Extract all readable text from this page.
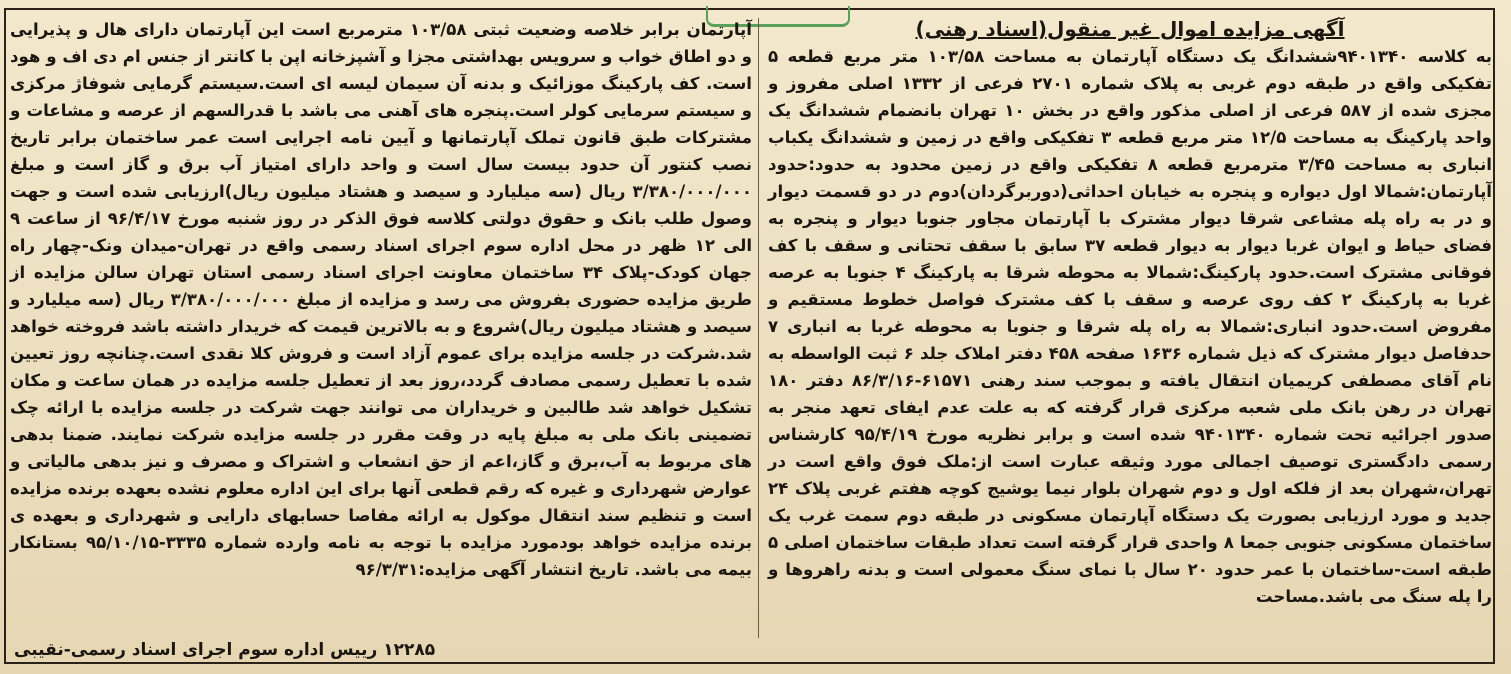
آگهی مزایده اموال غیر منقول(اسناد رهنی)

به کلاسه ۹۴۰۱۳۴۰ششدانگ یک دستگاه آپارتمان به مساحت ۱۰۳/۵۸ متر مربع قطعه ۵ تفکیکی واقع در طبقه دوم غربی به پلاک شماره ۲۷۰۱ فرعی از ۱۳۳۲ اصلی مفروز و مجزی شده از ۵۸۷ فرعی از اصلی مذکور واقع در بخش ۱۰ تهران بانضمام ششدانگ یک واحد پارکینگ به مساحت ۱۲/۵ متر مربع قطعه ۳ تفکیکی واقع در زمین و ششدانگ یکباب انباری به مساحت ۳/۴۵ مترمربع قطعه ۸ تفکیکی واقع در زمین محدود به حدود:حدود آپارتمان:شمالا اول دیواره و پنجره به خیابان احداثی(دوربرگردان)دوم در دو قسمت دیوار و در به راه پله مشاعی شرقا دیوار مشترک با آپارتمان مجاور جنوبا دیوار و پنجره به فضای حیاط و ایوان غربا دیوار به دیوار قطعه ۳۷ سابق با سقف تحتانی و سقف با کف فوقانی مشترک است.حدود پارکینگ:شمالا به محوطه شرقا به پارکینگ ۴ جنوبا به عرصه غربا به پارکینگ ۲ کف روی عرصه و سقف با کف مشترک فواصل خطوط مستقیم و مفروض است.حدود انباری:شمالا به راه پله شرقا و جنوبا به محوطه غربا به انباری ۷ حدفاصل دیوار مشترک که ذیل شماره ۱۶۳۶ صفحه ۴۵۸ دفتر املاک جلد ۶ ثبت الواسطه به نام آقای مصطفی کریمیان انتقال یافته و بموجب سند رهنی ۶۱۵۷۱-۸۶/۳/۱۶ دفتر ۱۸۰ تهران در رهن بانک ملی شعبه مرکزی قرار گرفته که به علت عدم ایفای تعهد منجر به صدور اجرائیه تحت شماره ۹۴۰۱۳۴۰ شده است و برابر نظریه مورخ ۹۵/۴/۱۹ کارشناس رسمی دادگستری توصیف اجمالی مورد وثیقه عبارت است از:ملک فوق واقع است در تهران،شهران بعد از فلکه اول و دوم شهران بلوار نیما یوشیج کوچه هفتم غربی پلاک ۲۴ جدید و مورد ارزیابی بصورت یک دستگاه آپارتمان مسکونی در طبقه دوم سمت غرب یک ساختمان مسکونی جنوبی جمعا ۸ واحدی قرار گرفته است تعداد طبقات ساختمان اصلی ۵ طبقه است-ساختمان با عمر حدود ۲۰ سال با نمای سنگ معمولی است و بدنه راهروها و را پله سنگ می باشد.مساحت

آپارتمان برابر خلاصه وضعیت ثبتی ۱۰۳/۵۸ مترمربع است این آپارتمان دارای هال و پذیرایی و دو اطاق خواب و سرویس بهداشتی مجزا و آشپزخانه اپن با کانتر از جنس ام دی اف و هود است. کف پارکینگ موزائیک و بدنه آن سیمان لیسه ای است.سیستم گرمایی شوفاژ مرکزی و سیستم سرمایی کولر است.پنجره های آهنی می باشد با قدرالسهم از عرصه و مشاعات و مشترکات طبق قانون تملک آپارتمانها و آیین نامه اجرایی است عمر ساختمان برابر تاریخ نصب کنتور آن حدود بیست سال است و واحد دارای امتیاز آب برق و گاز است و مبلغ ۳/۳۸۰/۰۰۰/۰۰۰ ریال (سه میلیارد و سیصد و هشتاد میلیون ریال)ارزیابی شده است و جهت وصول طلب بانک و حقوق دولتی کلاسه فوق الذکر در روز شنبه مورخ ۹۶/۴/۱۷ از ساعت ۹ الی ۱۲ ظهر در محل اداره سوم اجرای اسناد رسمی واقع در تهران-میدان ونک-چهار راه جهان کودک-پلاک ۳۴ ساختمان معاونت اجرای اسناد رسمی استان تهران سالن مزایده از طریق مزایده حضوری بفروش می رسد و مزایده از مبلغ ۳/۳۸۰/۰۰۰/۰۰۰ ریال (سه میلیارد و سیصد و هشتاد میلیون ریال)شروع و به بالاترین قیمت که خریدار داشته باشد فروخته خواهد شد.شرکت در جلسه مزایده برای عموم آزاد است و فروش کلا نقدی است.چنانچه روز تعیین شده با تعطیل رسمی مصادف گردد،روز بعد از تعطیل جلسه مزایده در همان ساعت و مکان تشکیل خواهد شد طالبین و خریداران می توانند جهت شرکت در جلسه مزایده با ارائه چک تضمینی بانک ملی به مبلغ پایه در وقت مقرر در جلسه مزایده شرکت نمایند. ضمنا بدهی های مربوط به آب،برق و گاز،اعم از حق انشعاب و اشتراک و مصرف و نیز بدهی مالیاتی و عوارض شهرداری و غیره که رقم قطعی آنها برای این اداره معلوم نشده بعهده برنده مزایده است و تنظیم سند انتقال موکول به ارائه مفاصا حسابهای دارایی و شهرداری و بعهده ی برنده مزایده خواهد بودمورد مزایده با توجه به نامه وارده شماره ۳۳۳۵-۹۵/۱۰/۱۵ بستانکار بیمه می باشد. تاریخ انتشار آگهی مزایده:۹۶/۳/۳۱

۱۲۲۸۵ رییس اداره سوم اجرای اسناد رسمی-نقیبی
